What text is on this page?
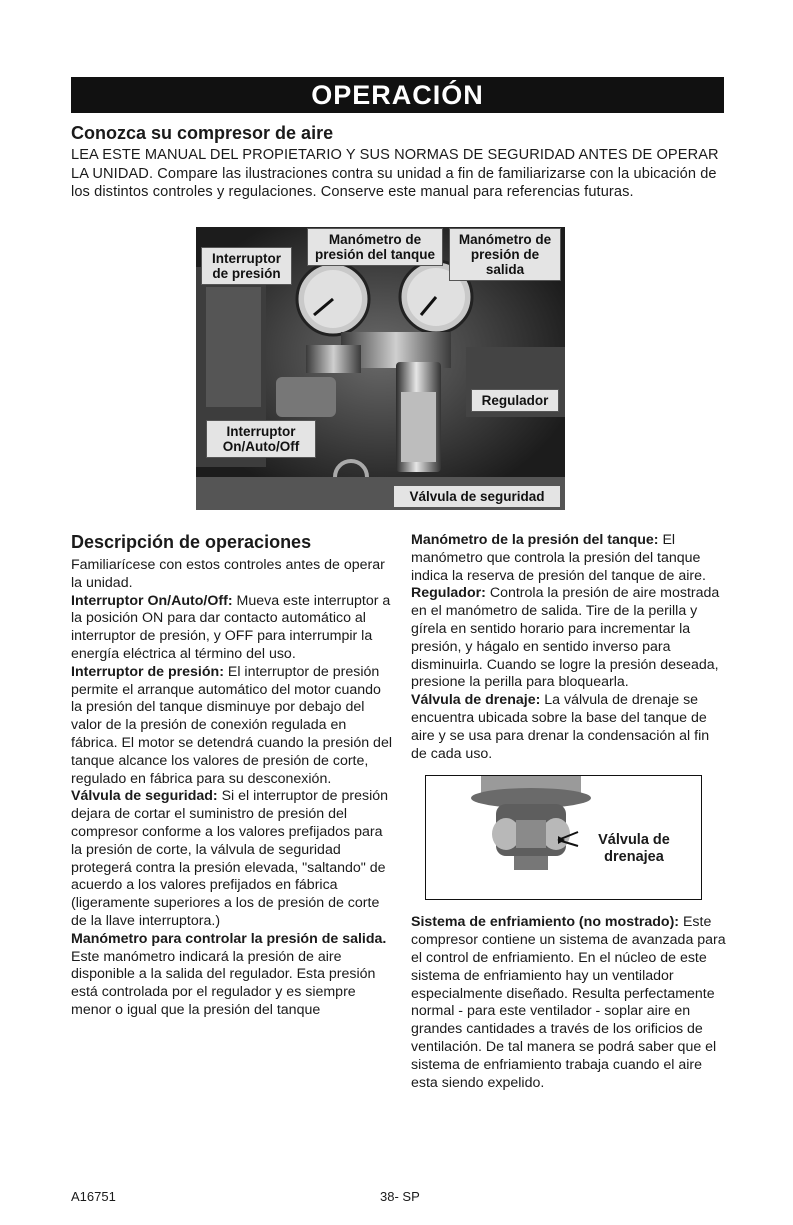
OPERACIÓN
Conozca su compresor de aire

LEA ESTE MANUAL DEL PROPIETARIO Y SUS NORMAS DE SEGURIDAD ANTES DE OPERAR LA UNIDAD. Compare las ilustraciones contra su unidad a fin de familiarizarse con la ubicación de los distintos controles y regulaciones. Conserve este manual para referencias futuras.

Interruptor de presión
Manómetro de presión del tanque
Manómetro de presión de salida
Interruptor On/Auto/Off
Regulador
Válvula de seguridad
Descripción de operaciones

Familiarícese con estos controles antes de operar la unidad.

Interruptor On/Auto/Off: Mueva este interruptor a la posición ON para dar contacto automático al interruptor de presión, y OFF para interrumpir la energía eléctrica al término del uso.

Interruptor de presión: El interruptor de presión permite el arranque automático del motor cuando la presión del tanque disminuye por debajo del valor de la presión de conexión regulada en fábrica. El motor se detendrá cuando la presión del tanque alcance los valores de presión de corte, regulado en fábrica para su desconexión.

Válvula de seguridad: Si el interruptor de presión dejara de cortar el suministro de presión del compresor conforme a los valores prefijados para la presión de corte, la válvula de seguridad protegerá contra la presión elevada, "saltando" de acuerdo a los valores prefijados en fábrica (ligeramente superiores a los de presión de corte de la llave interruptora.)

Manómetro para controlar la presión de salida. Este manómetro indicará la presión de aire disponible a la salida del regulador. Esta presión está controlada por el regulador y es siempre menor o igual que la presión del tanque

Manómetro de la presión del tanque: El manómetro que controla la presión del tanque indica la reserva de presión del tanque de aire.

Regulador: Controla la presión de aire mostrada en el manómetro de salida. Tire de la perilla y gírela en sentido horario para incrementar la presión, y hágalo en sentido inverso para disminuirla. Cuando se logre la presión deseada, presione la perilla para bloquearla.

Válvula de drenaje: La válvula de drenaje se encuentra ubicada sobre la base del tanque de aire y se usa para drenar la condensación al fin de cada uso.

Válvula de drenajea

Sistema de enfriamiento (no mostrado): Este compresor contiene un sistema de avanzada para el control de enfriamiento. En el núcleo de este sistema de enfriamiento hay un ventilador especialmente diseñado. Resulta perfectamente normal - para este ventilador - soplar aire en grandes cantidades a través de los orificios de ventilación. De tal manera se podrá saber que el sistema de enfriamiento trabaja cuando el aire esta siendo expelido.

A16751	38- SP
